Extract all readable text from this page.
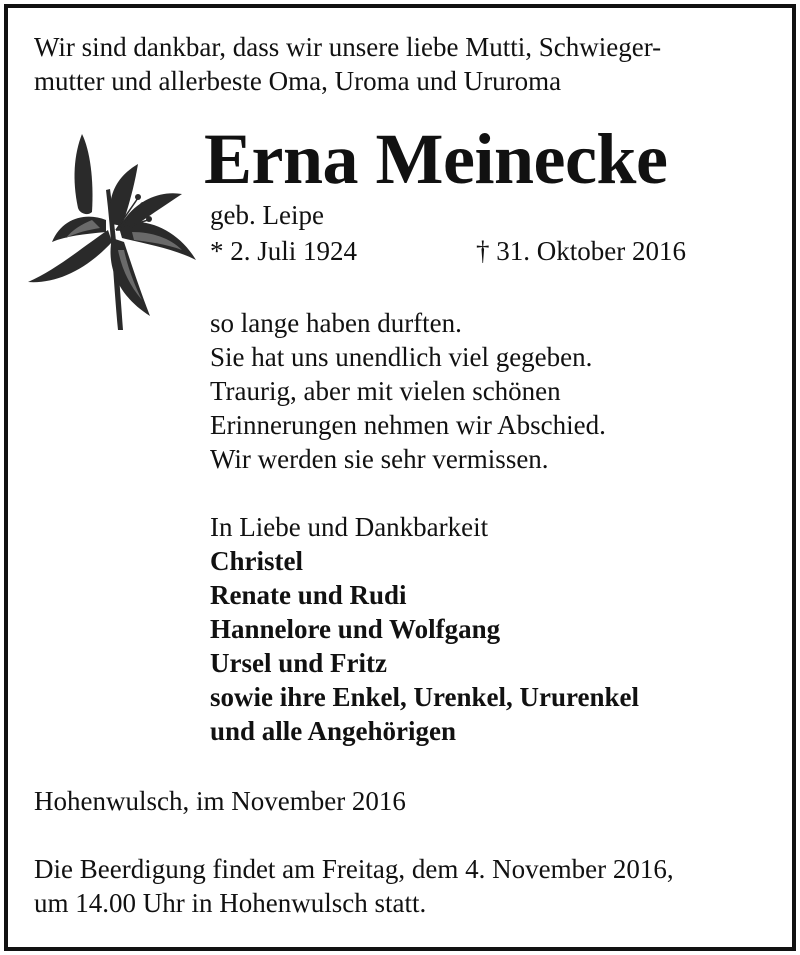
Wir sind dankbar, dass wir unsere liebe Mutti, Schwieger-
mutter und allerbeste Oma, Uroma und Ururoma
Erna Meinecke
geb. Leipe
* 2. Juli 1924	† 31. Oktober 2016
so lange haben durften.
Sie hat uns unendlich viel gegeben.
Traurig, aber mit vielen schönen
Erinnerungen nehmen wir Abschied.
Wir werden sie sehr vermissen.
In Liebe und Dankbarkeit
Christel
Renate und Rudi
Hannelore und Wolfgang
Ursel und Fritz
sowie ihre Enkel, Urenkel, Ururenkel
und alle Angehörigen
Hohenwulsch, im November 2016
Die Beerdigung findet am Freitag, dem 4. November 2016,
um 14.00 Uhr in Hohenwulsch statt.
